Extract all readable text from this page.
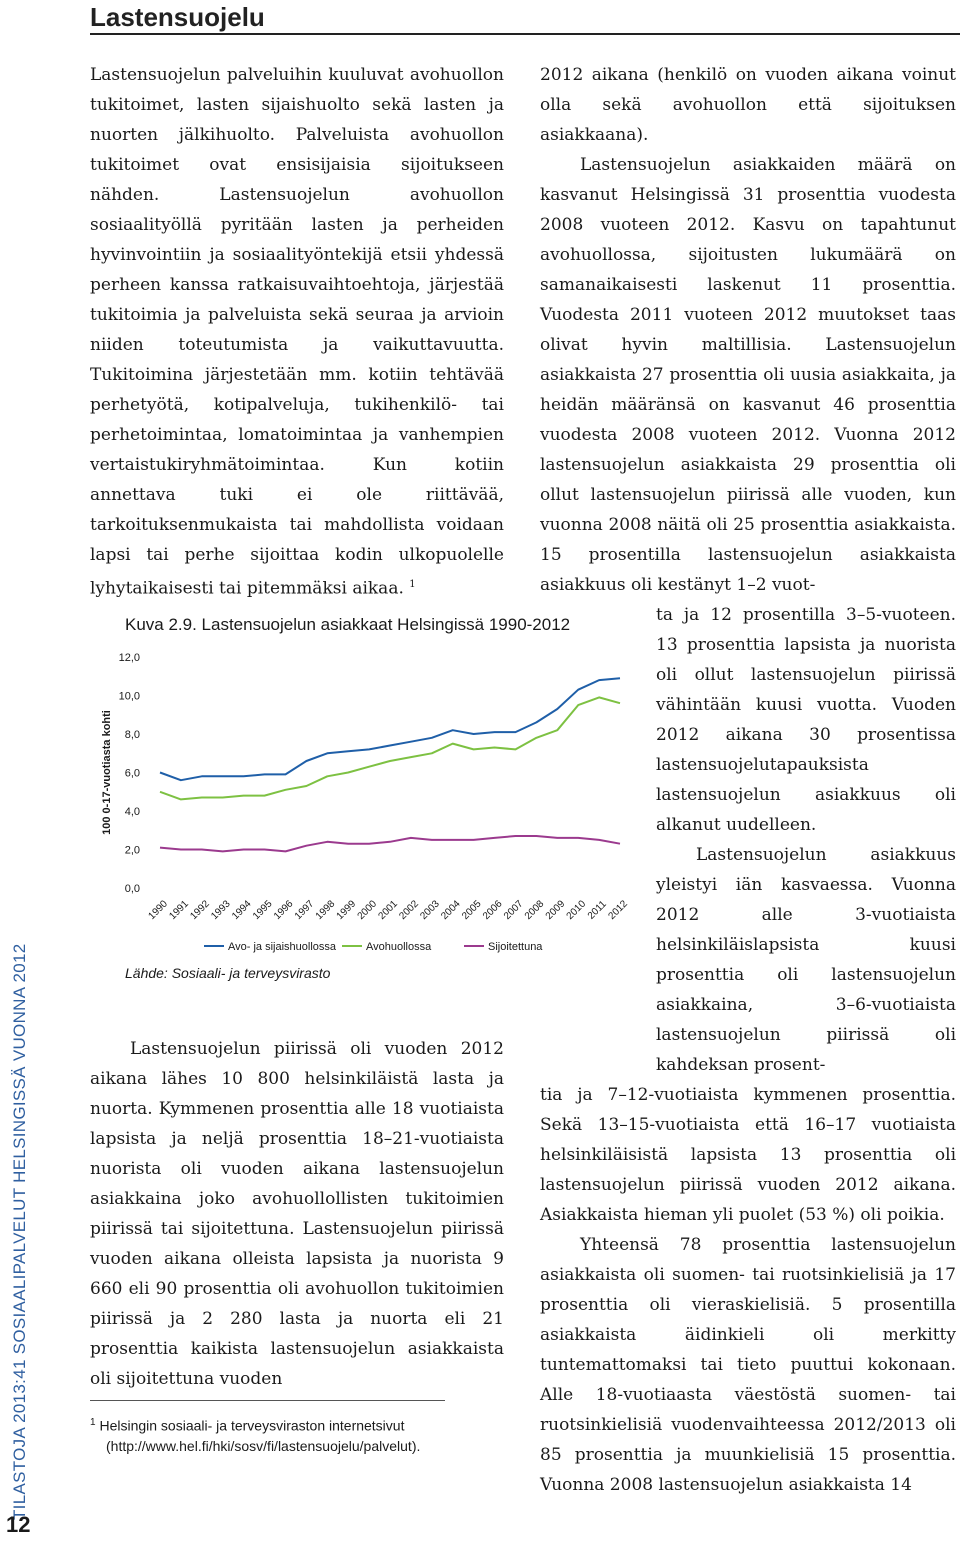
Lastensuojelu
TILASTOJA 2013:41 SOSIAALIPALVELUT HELSINGISSÄ VUONNA 2012
12

Lastensuojelun palveluihin kuuluvat avohuollon tukitoimet, lasten sijaishuolto sekä lasten ja nuorten jälkihuolto. Palveluista avohuollon tukitoimet ovat ensisijaisia sijoitukseen nähden. Lastensuojelun avohuollon sosiaalityöllä pyritään lasten ja perheiden hyvinvointiin ja sosiaalityöntekijä etsii yhdessä perheen kanssa ratkaisuvaihtoehtoja, järjestää tukitoimia ja palveluista sekä seuraa ja arvioin niiden toteutumista ja vaikuttavuutta. Tukitoimina järjestetään mm. kotiin tehtävää perhetyötä, kotipalveluja, tukihenkilö- tai perhetoimintaa, lomatoimintaa ja vanhempien vertaistukiryhmätoimintaa. Kun kotiin annettava tuki ei ole riittävää, tarkoituksenmukaista tai mahdollista voidaan lapsi tai perhe sijoittaa kodin ulkopuolelle lyhytaikaisesti tai pitemmäksi aikaa. $^1$

Kuva 2.9. Lastensuojelun asiakkaat Helsingissä 1990-2012
100 0-17-vuotiasta kohti
0,0
2,0
4,0
6,0
8,0
10,0
12,0
1990
1991
1992
1993
1994
1995
1996
1997
1998
1999
2000
2001
2002
2003
2004
2005
2006
2007
2008
2009
2010
2011
2012
Avo- ja sijaishuollossa	Avohuollossa	Sijoitettuna
Lähde: Sosiaali- ja terveysvirasto

Lastensuojelun piirissä oli vuoden 2012 aikana lähes 10 800 helsinkiläistä lasta ja nuorta. Kymmenen prosenttia alle 18 vuotiaista lapsista ja neljä prosenttia 18–21-vuotiaista nuorista oli vuoden aikana lastensuojelun asiakkaina joko avohuollollisten tukitoimien piirissä tai sijoitettuna. Lastensuojelun piirissä vuoden aikana olleista lapsista ja nuorista 9 660 eli 90 prosenttia oli avohuollon tukitoimien piirissä ja 2 280 lasta ja nuorta eli 21 prosenttia kaikista lastensuojelun asiakkaista oli sijoitettuna vuoden

$^1$ Helsingin sosiaali- ja terveysviraston internetsivut
(http://www.hel.fi/hki/sosv/fi/lastensuojelu/palvelut).

2012 aikana (henkilö on vuoden aikana voinut olla sekä avohuollon että sijoituksen asiakkaana).

Lastensuojelun asiakkaiden määrä on kasvanut Helsingissä 31 prosenttia vuodesta 2008 vuoteen 2012. Kasvu on tapahtunut avohuollossa, sijoitusten lukumäärä on samanaikaisesti laskenut 11 prosenttia. Vuodesta 2011 vuoteen 2012 muutokset taas olivat hyvin maltillisia. Lastensuojelun asiakkaista 27 prosenttia oli uusia asiakkaita, ja heidän määränsä on kasvanut 46 prosenttia vuodesta 2008 vuoteen 2012. Vuonna 2012 lastensuojelun asiakkaista 29 prosenttia oli ollut lastensuojelun piirissä alle vuoden, kun vuonna 2008 näitä oli 25 prosenttia asiakkaista. 15 prosentilla lastensuojelun asiakkaista asiakkuus oli kestänyt 1–2 vuot-

ta ja 12 prosentilla 3–5-vuoteen. 13 prosenttia lapsista ja nuorista oli ollut lastensuojelun piirissä vähintään kuusi vuotta. Vuoden 2012 aikana 30 prosentissa lastensuojelutapauksista lastensuojelun asiakkuus oli alkanut uudelleen.

Lastensuojelun asiakkuus yleistyi iän kasvaessa. Vuonna 2012 alle 3-vuotiaista helsinkiläislapsista kuusi prosenttia oli lastensuojelun asiakkaina, 3–6-vuotiaista lastensuojelun piirissä oli kahdeksan prosent-

tia ja 7–12-vuotiaista kymmenen prosenttia. Sekä 13–15-vuotiaista että 16–17 vuotiaista helsinkiläisistä lapsista 13 prosenttia oli lastensuojelun piirissä vuoden 2012 aikana. Asiakkaista hieman yli puolet (53 %) oli poikia.

Yhteensä 78 prosenttia lastensuojelun asiakkaista oli suomen- tai ruotsinkielisiä ja 17 prosenttia oli vieraskielisiä. 5 prosentilla asiakkaista äidinkieli oli merkitty tuntemattomaksi tai tieto puuttui kokonaan. Alle 18-vuotiaasta väestöstä suomen- tai ruotsinkielisiä vuodenvaihteessa 2012/2013 oli 85 prosenttia ja muunkielisiä 15 prosenttia. Vuonna 2008 lastensuojelun asiakkaista 14
